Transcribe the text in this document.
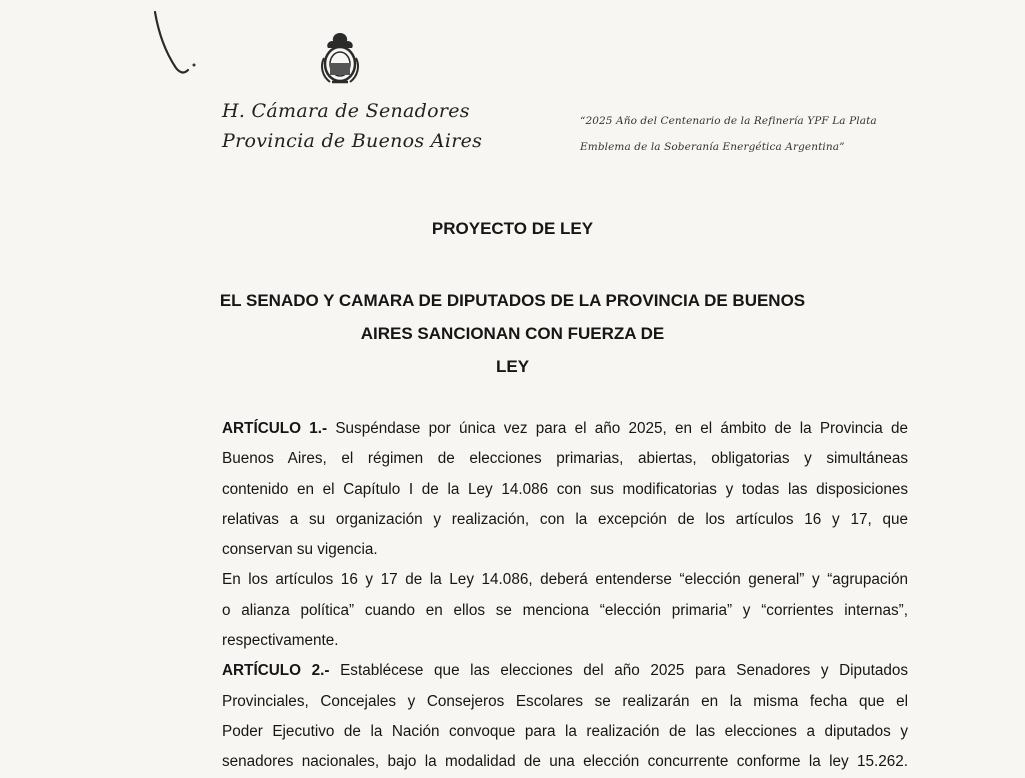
H. Cámara de Senadores
Provincia de Buenos Aires
“2025 Año del Centenario de la Refinería YPF La Plata
Emblema de la Soberanía Energética Argentina”
PROYECTO DE LEY
EL SENADO Y CAMARA DE DIPUTADOS DE LA PROVINCIA DE BUENOS
AIRES SANCIONAN CON FUERZA DE
LEY
ARTÍCULO 1.- Suspéndase por única vez para el año 2025, en el ámbito de la Provincia de
Buenos Aires, el régimen de elecciones primarias, abiertas, obligatorias y simultáneas
contenido en el Capítulo I de la Ley 14.086 con sus modificatorias y todas las disposiciones
relativas a su organización y realización, con la excepción de los artículos 16 y 17, que
conservan su vigencia.
En los artículos 16 y 17 de la Ley 14.086, deberá entenderse “elección general” y “agrupación
o alianza política” cuando en ellos se menciona “elección primaria” y “corrientes internas”,
respectivamente.
ARTÍCULO 2.- Establécese que las elecciones del año 2025 para Senadores y Diputados
Provinciales, Concejales y Consejeros Escolares se realizarán en la misma fecha que el
Poder Ejecutivo de la Nación convoque para la realización de las elecciones a diputados y
senadores nacionales, bajo la modalidad de una elección concurrente conforme la ley 15.262.
